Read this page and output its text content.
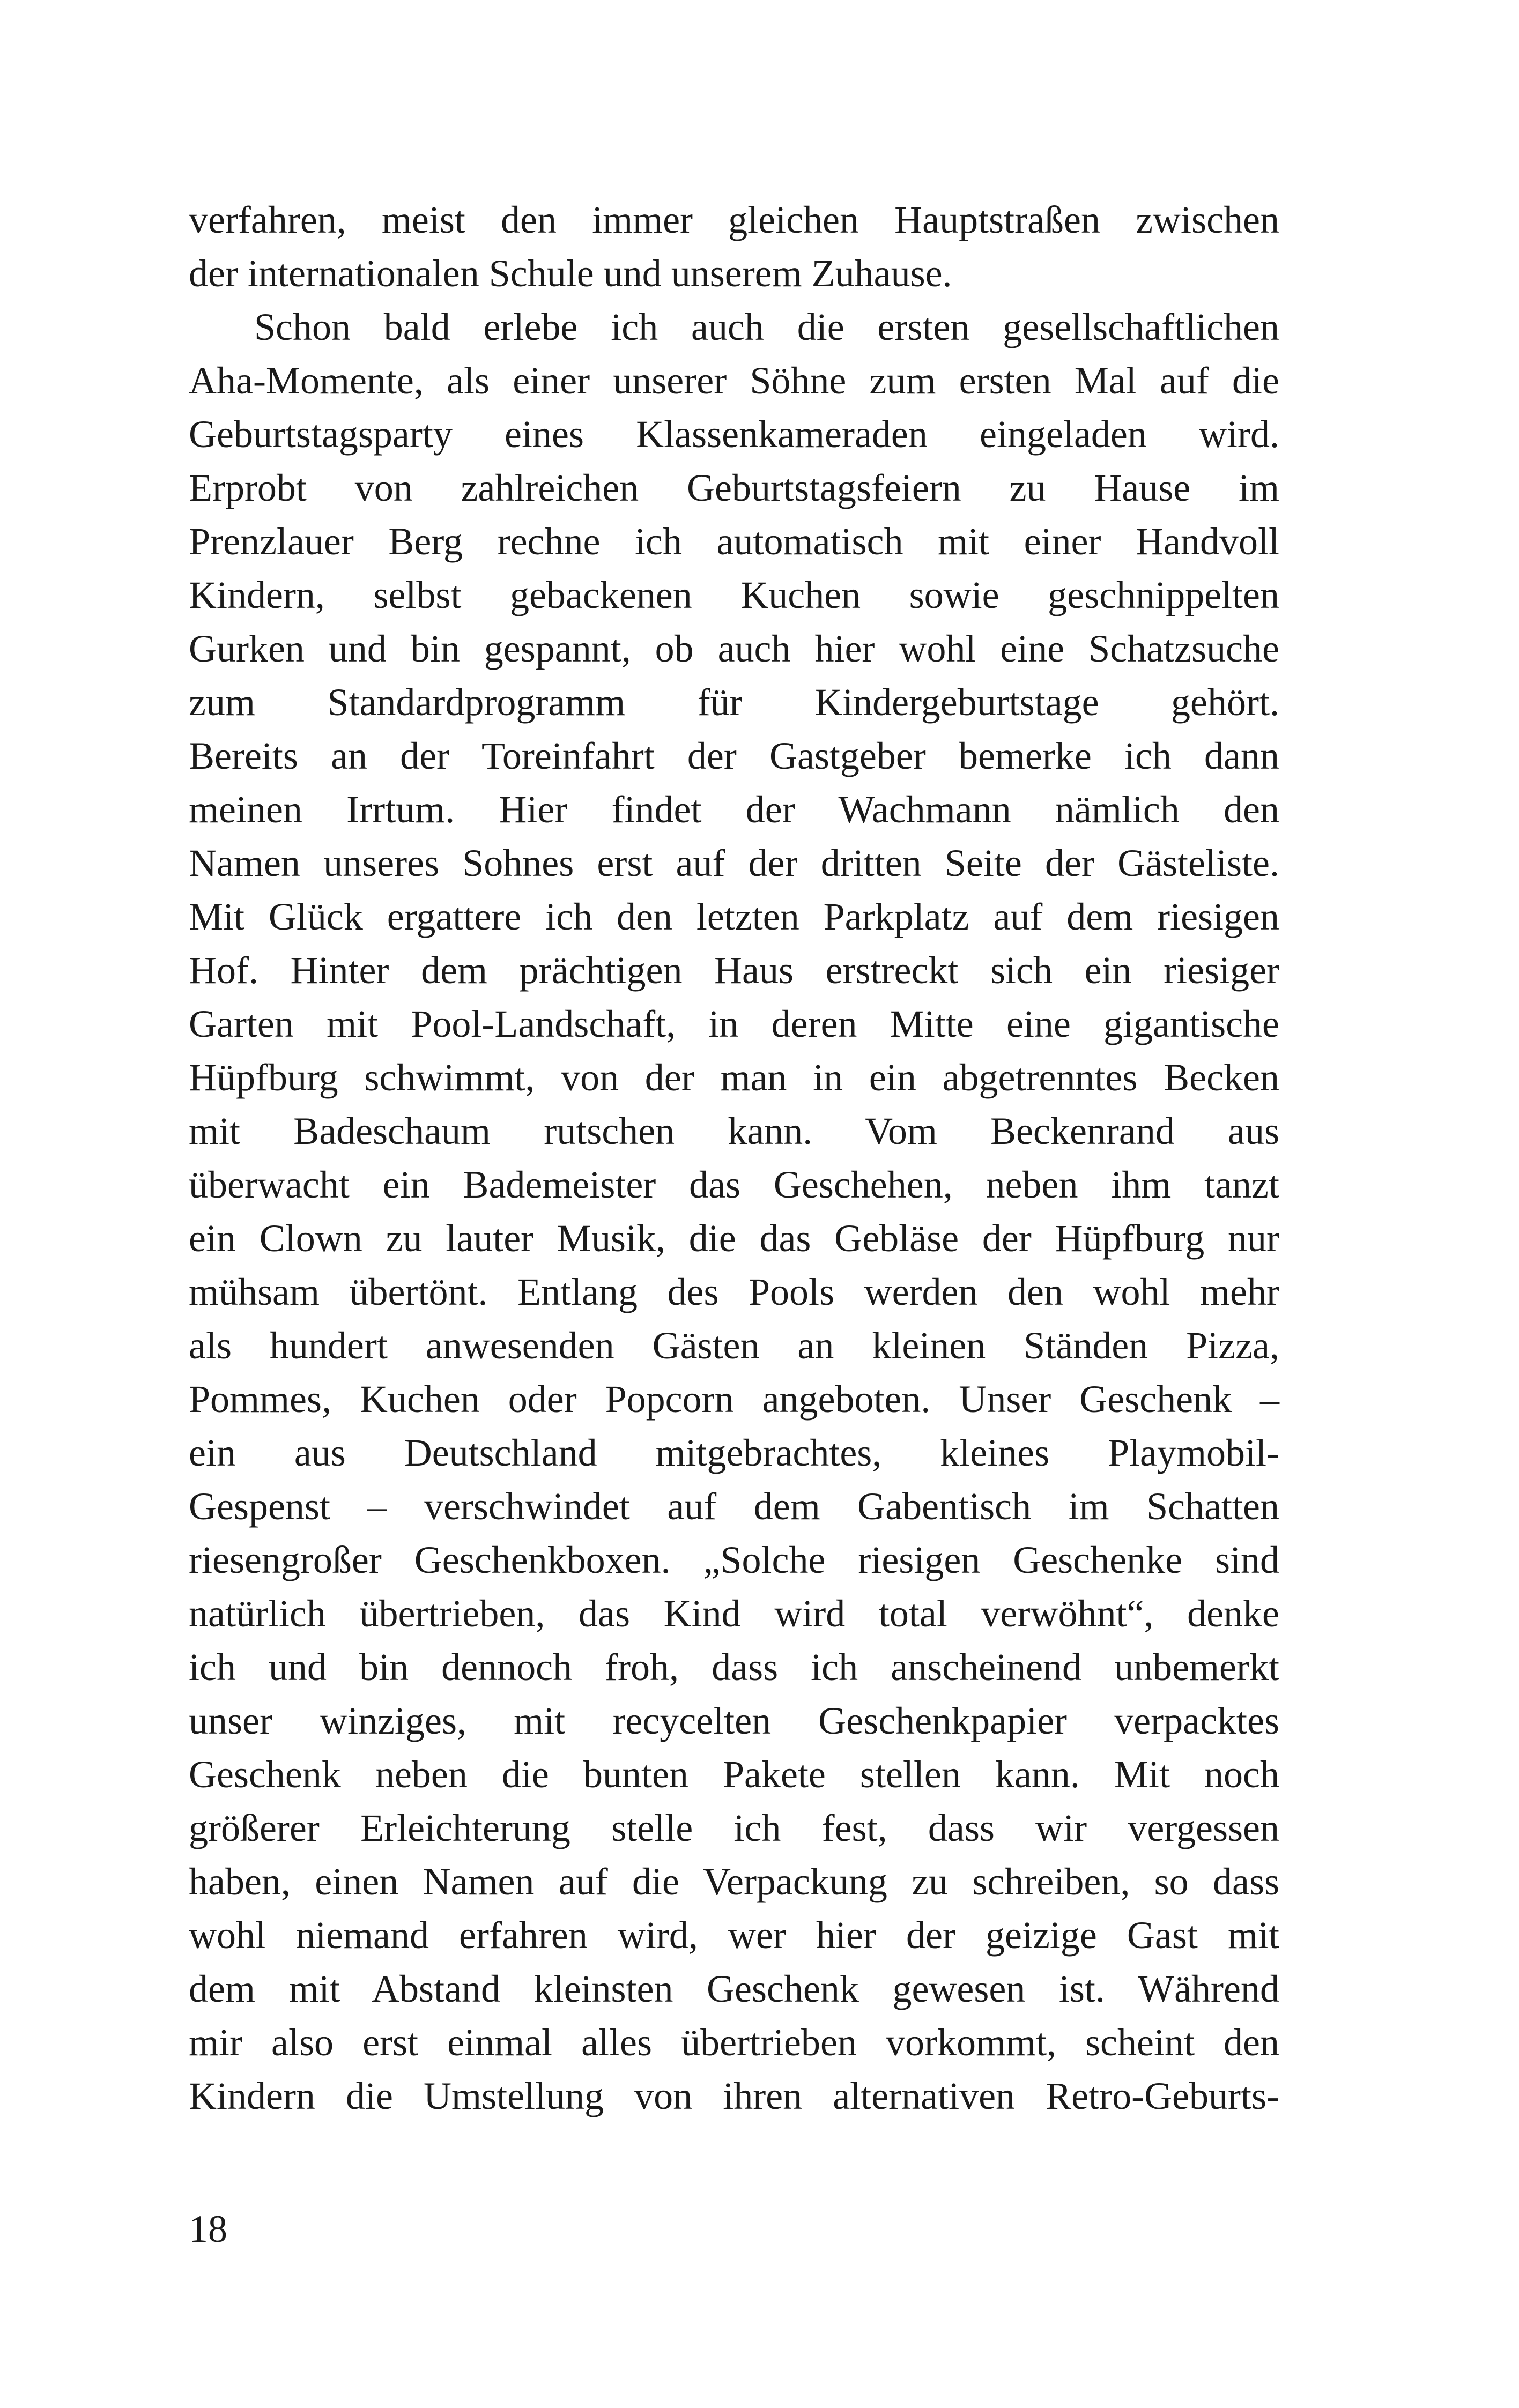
verfahren, meist den immer gleichen Hauptstraßen zwischen
der internationalen Schule und unserem Zuhause.
Schon bald erlebe ich auch die ersten gesellschaftlichen
Aha-Momente, als einer unserer Söhne zum ersten Mal auf die
Geburtstagsparty eines Klassenkameraden eingeladen wird.
Erprobt von zahlreichen Geburtstagsfeiern zu Hause im
Prenzlauer Berg rechne ich automatisch mit einer Handvoll
Kindern, selbst gebackenen Kuchen sowie geschnippelten
Gurken und bin gespannt, ob auch hier wohl eine Schatzsuche
zum Standardprogramm für Kindergeburtstage gehört.
Bereits an der Toreinfahrt der Gastgeber bemerke ich dann
meinen Irrtum. Hier findet der Wachmann nämlich den
Namen unseres Sohnes erst auf der dritten Seite der Gästeliste.
Mit Glück ergattere ich den letzten Parkplatz auf dem riesigen
Hof. Hinter dem prächtigen Haus erstreckt sich ein riesiger
Garten mit Pool-Landschaft, in deren Mitte eine gigantische
Hüpfburg schwimmt, von der man in ein abgetrenntes Becken
mit Badeschaum rutschen kann. Vom Beckenrand aus
überwacht ein Bademeister das Geschehen, neben ihm tanzt
ein Clown zu lauter Musik, die das Gebläse der Hüpfburg nur
mühsam übertönt. Entlang des Pools werden den wohl mehr
als hundert anwesenden Gästen an kleinen Ständen Pizza,
Pommes, Kuchen oder Popcorn angeboten. Unser Geschenk –
ein aus Deutschland mitgebrachtes, kleines Playmobil-
Gespenst – verschwindet auf dem Gabentisch im Schatten
riesengroßer Geschenkboxen. „Solche riesigen Geschenke sind
natürlich übertrieben, das Kind wird total verwöhnt“, denke
ich und bin dennoch froh, dass ich anscheinend unbemerkt
unser winziges, mit recycelten Geschenkpapier verpacktes
Geschenk neben die bunten Pakete stellen kann. Mit noch
größerer Erleichterung stelle ich fest, dass wir vergessen
haben, einen Namen auf die Verpackung zu schreiben, so dass
wohl niemand erfahren wird, wer hier der geizige Gast mit
dem mit Abstand kleinsten Geschenk gewesen ist. Während
mir also erst einmal alles übertrieben vorkommt, scheint den
Kindern die Umstellung von ihren alternativen Retro-Geburts-
18
